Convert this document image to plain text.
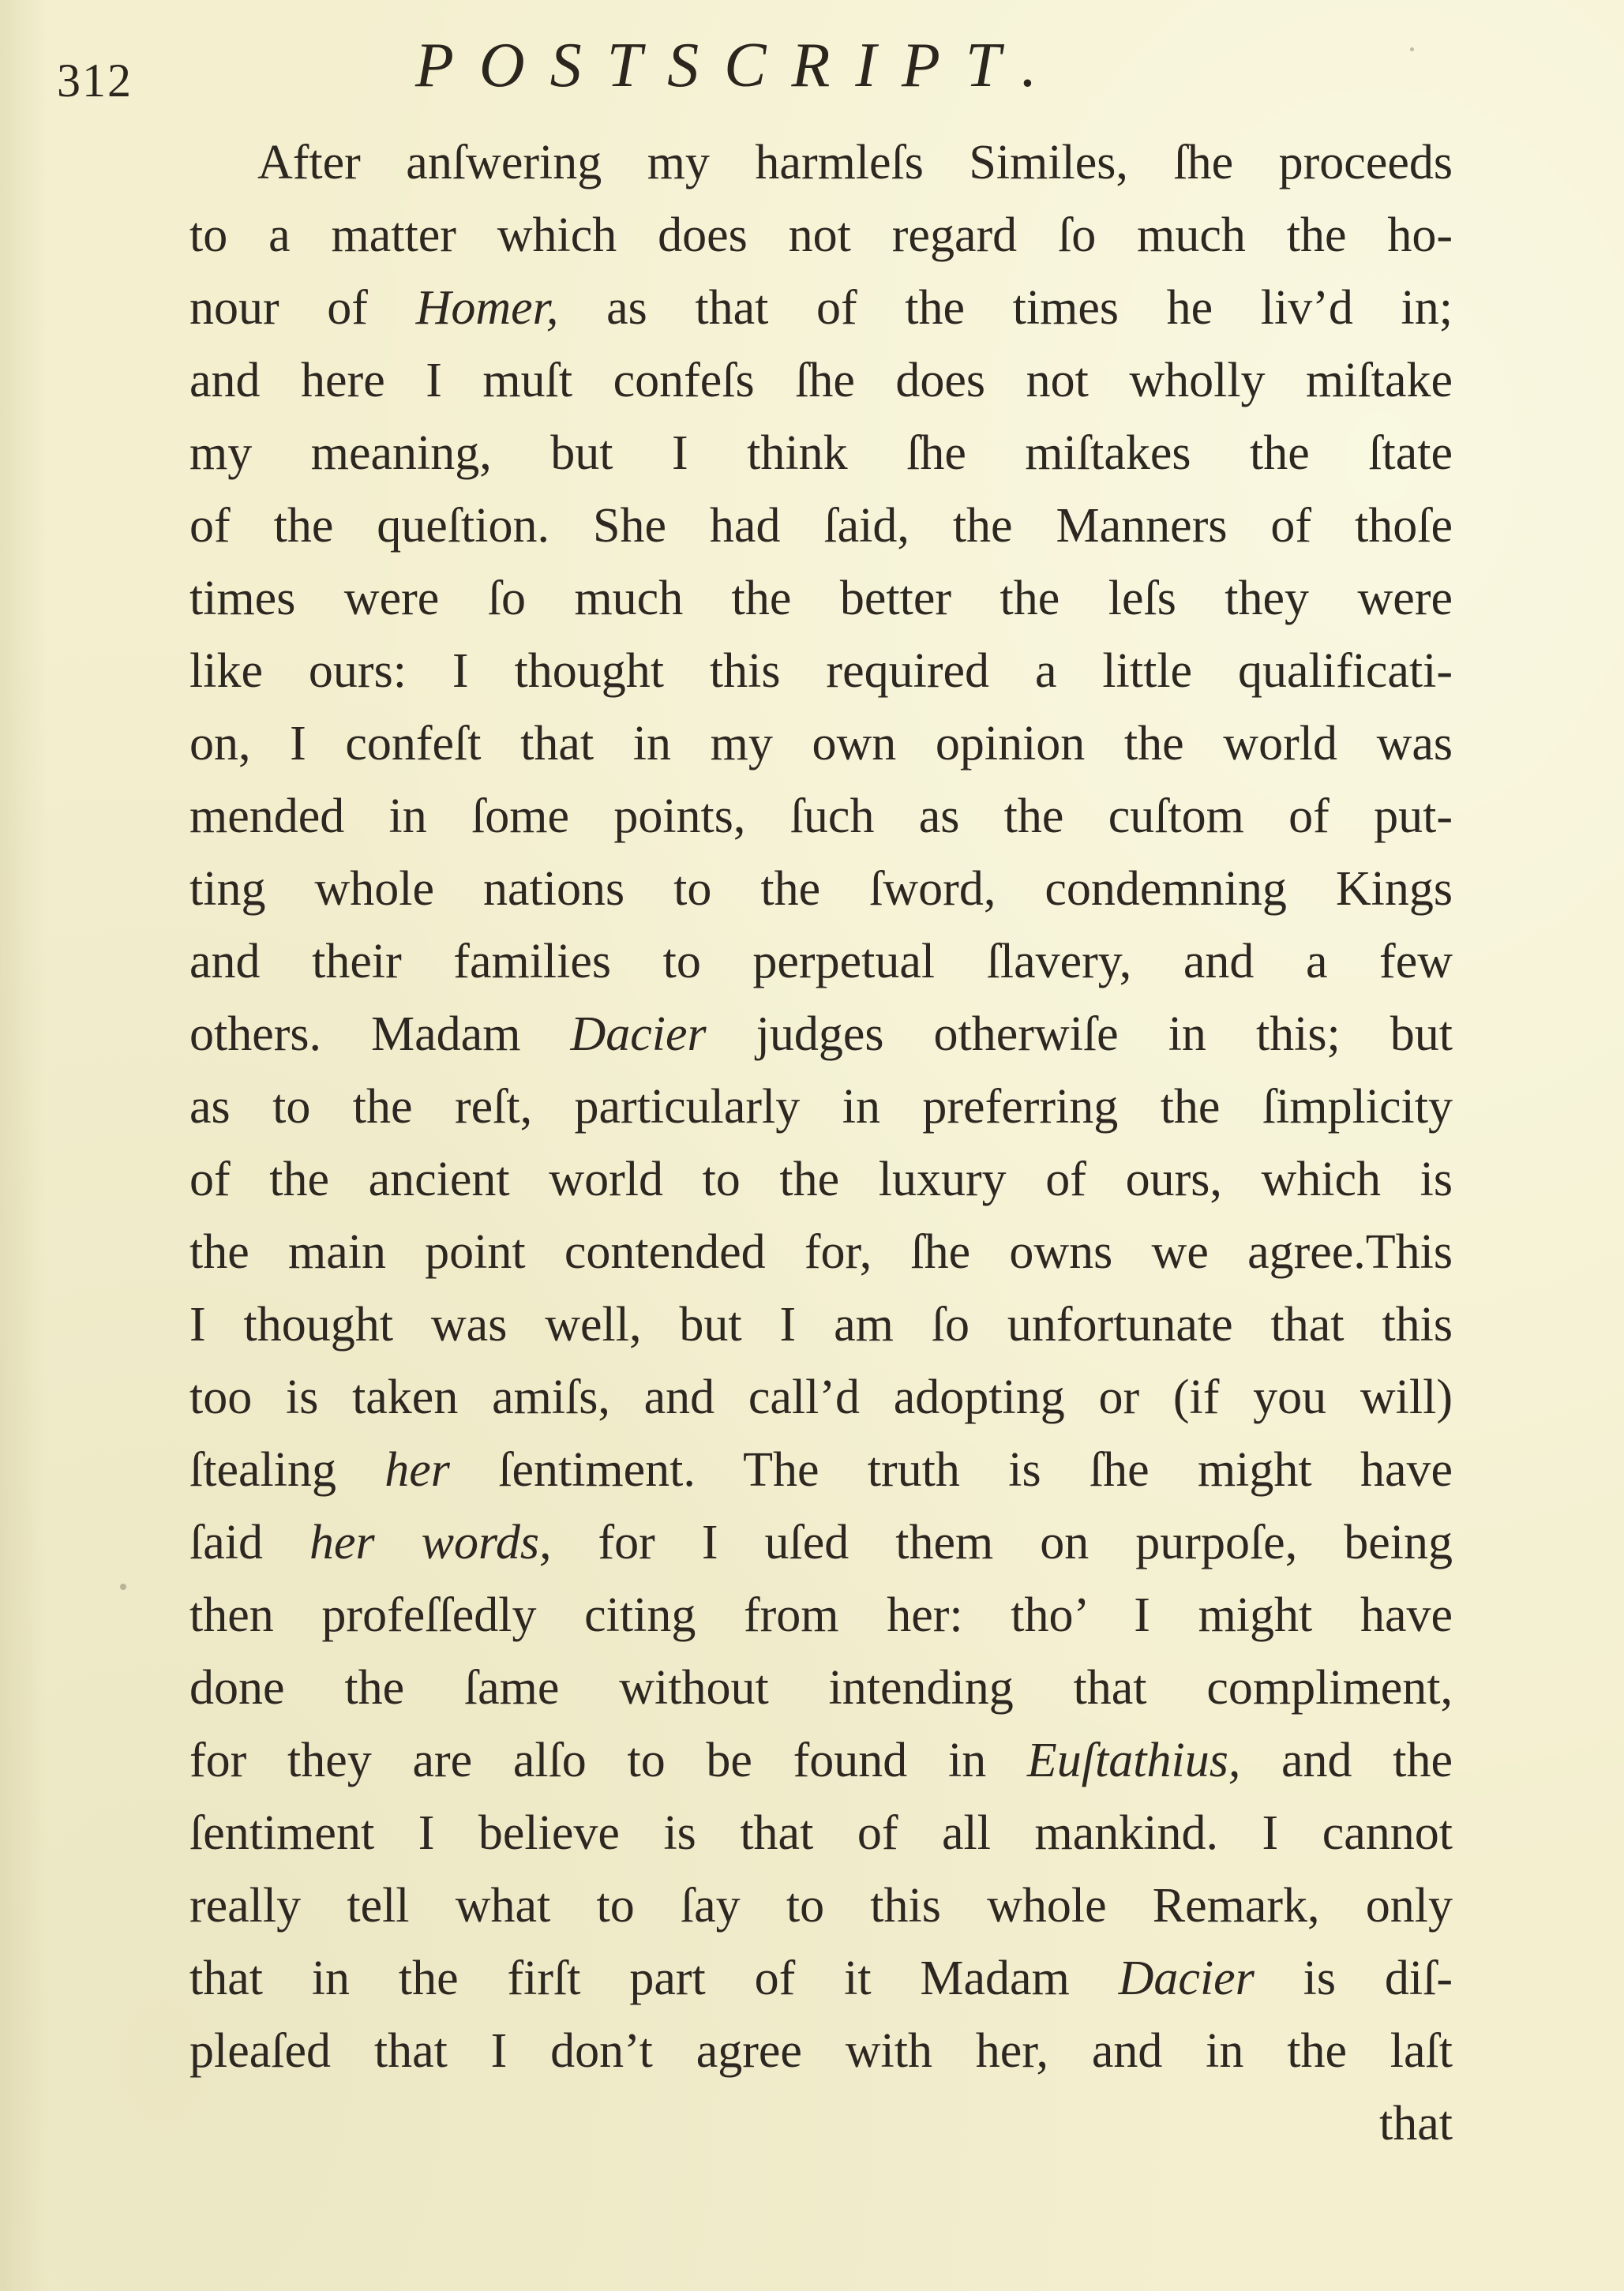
312	POSTSCRIPT.
After anſwering my harmleſs Similes, ſhe proceeds
to a matter which does not regard ſo much the ho-
nour of Homer, as that of the times he liv’d in;
and here I muſt confeſs ſhe does not wholly miſtake
my meaning, but I think ſhe miſtakes the ſtate
of the queſtion. She had ſaid, the Manners of thoſe
times were ſo much the better the leſs they were
like ours: I thought this required a little qualificati-
on, I confeſt that in my own opinion the world was
mended in ſome points, ſuch as the cuſtom of put-
ting whole nations to the ſword, condemning Kings
and their families to perpetual ſlavery, and a few
others. Madam Dacier judges otherwiſe in this; but
as to the reſt, particularly in preferring the ſimplicity
of the ancient world to the luxury of ours, which is
the main point contended for, ſhe owns we agree.This
I thought was well, but I am ſo unfortunate that this
too is taken amiſs, and call’d adopting or (if you will)
ſtealing her ſentiment. The truth is ſhe might have
ſaid her words, for I uſed them on purpoſe, being
then profeſſedly citing from her: tho’ I might have
done the ſame without intending that compliment,
for they are alſo to be found in Euſtathius, and the
ſentiment I believe is that of all mankind. I cannot
really tell what to ſay to this whole Remark, only
that in the firſt part of it Madam Dacier is diſ-
pleaſed that I don’t agree with her, and in the laſt
that
